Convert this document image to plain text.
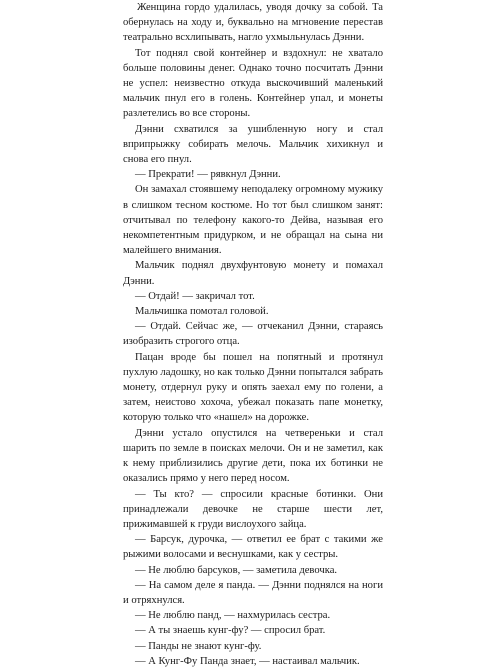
Женщина гордо удалилась, уводя дочку за собой. Та обернулась на ходу и, буквально на мгновение перестав театрально всхлипывать, нагло ухмыльнулась Дэнни.

Тот поднял свой контейнер и вздохнул: не хватало больше половины денег. Однако точно посчитать Дэнни не успел: неизвестно откуда выскочивший маленький мальчик пнул его в голень. Контейнер упал, и монеты разлетелись во все стороны.

Дэнни схватился за ушибленную ногу и стал вприпрыжку собирать мелочь. Мальчик хихикнул и снова его пнул.

— Прекрати! — рявкнул Дэнни.

Он замахал стоявшему неподалеку огромному мужику в слишком тесном костюме. Но тот был слишком занят: отчитывал по телефону какого-то Дейва, называя его некомпетентным придурком, и не обращал на сына ни малейшего внимания.

Мальчик поднял двухфунтовую монету и помахал Дэнни.

— Отдай! — закричал тот.

Мальчишка помотал головой.

— Отдай. Сейчас же, — отчеканил Дэнни, стараясь изобразить строгого отца.

Пацан вроде бы пошел на попятный и протянул пухлую ладошку, но как только Дэнни попытался забрать монету, отдернул руку и опять заехал ему по голени, а затем, неистово хохоча, убежал показать папе монетку, которую только что «нашел» на дорожке.

Дэнни устало опустился на четвереньки и стал шарить по земле в поисках мелочи. Он и не заметил, как к нему приблизились другие дети, пока их ботинки не оказались прямо у него перед носом.

— Ты кто? — спросили красные ботинки. Они принадлежали девочке не старше шести лет, прижимавшей к груди вислоухого зайца.

— Барсук, дурочка, — ответил ее брат с такими же рыжими волосами и веснушками, как у сестры.

— Не люблю барсуков, — заметила девочка.

— На самом деле я панда. — Дэнни поднялся на ноги и отряхнулся.

— Не люблю панд, — нахмурилась сестра.

— А ты знаешь кунг-фу? — спросил брат.

— Панды не знают кунг-фу.

— А Кунг-Фу Панда знает, — настаивал мальчик.
